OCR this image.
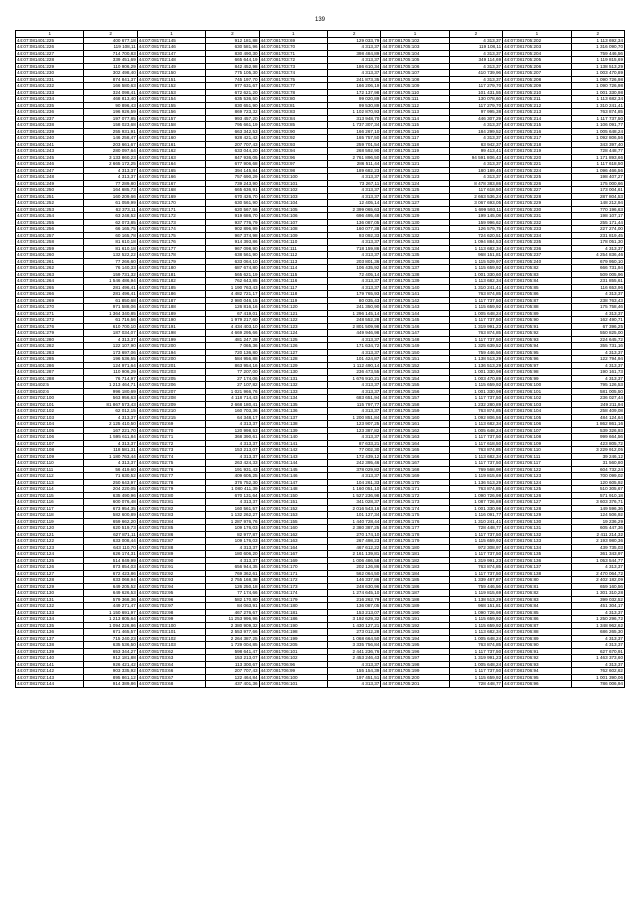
139
1	2	1	2	1	2	1	2	1	2
44:07:081401:225	400 677,18	44:07:081702:145	912 181,88	44:07:081703:69	129 033,79	44:07:081705:102	4 313,37	44:07:081705:202	1 113 692,34
44:07:081401:226	119 108,11	44:07:081702:146	630 581,96	44:07:081703:70	4 313,37	44:07:081705:103	119 108,11	44:07:081705:203	1 316 090,70
44:07:081401:227	714 700,83	44:07:081702:147	830 490,30	44:07:081703:71	398 484,89	44:07:081705:104	4 313,37	44:07:081705:204	759 446,56
44:07:081401:228	339 451,69	44:07:081702:148	665 644,19	44:07:081703:72	4 313,37	44:07:081705:105	349 114,69	44:07:081705:205	1 119 815,69
44:07:081401:229	110 906,29	44:07:081702:149	842 452,98	44:07:081703:73	186 610,34	44:07:081705:106	4 313,37	44:07:081705:206	1 138 513,29
44:07:081401:230	302 498,40	44:07:081702:150	775 105,30	44:07:081703:74	4 313,37	44:07:081705:107	410 739,96	44:07:081705:207	1 003 470,89
44:07:081401:231	874 841,37	44:07:081702:151	745 197,70	44:07:081703:75	241 873,35	44:07:081705:108	4 313,37	44:07:081705:208	1 090 726,98
44:07:081401:232	166 580,63	44:07:081702:152	977 631,67	44:07:081703:77	166 206,19	44:07:081705:109	117 279,70	44:07:081705:209	1 090 726,98
44:07:081401:233	324 098,41	44:07:081702:153	672 621,20	44:07:081703:78	172 137,98	44:07:081705:110	101 431,55	44:07:081705:210	1 001 330,98
44:07:081401:234	468 813,40	44:07:081702:154	635 536,50	44:07:081703:80	99 020,89	44:07:081705:111	130 078,60	44:07:081705:211	1 113 682,34
44:07:081401:235	90 896,43	44:07:081702:155	830 651,90	44:07:081703:81	99 530,89	44:07:081705:112	117 279,70	44:07:081705:212	1 310 241,41
44:07:081401:236	196 926,59	44:07:081702:156	869 723,32	44:07:081703:83	1 102 870,93	44:07:081705:113	97 995,38	44:07:081705:213	763 874,85
44:07:081401:237	197 077,85	44:07:081702:157	993 457,20	44:07:081703:84	313 948,70	44:07:081705:114	446 307,29	44:07:081705:214	1 117 737,50
44:07:081401:238	158 023,68	44:07:081702:158	795 661,19	44:07:081703:85	1 737 307,34	44:07:081705:115	4 313,37	44:07:081705:215	1 106 091,77
44:07:081401:239	255 931,91	44:07:081702:159	663 342,53	44:07:081703:90	166 267,10	44:07:081705:116	184 299,52	44:07:081705:216	1 005 648,24
44:07:081401:240	146 258,47	44:07:081702:160	928 421,42	44:07:081703:92	165 757,50	44:07:081705:117	4 313,37	44:07:081705:217	1 092 806,56
44:07:081401:241	203 661,67	44:07:081702:161	207 707,43	44:07:081703:93	259 701,54	44:07:081705:118	63 942,37	44:07:081705:218	343 397,40
44:07:081401:243	280 097,64	44:07:081702:162	633 044,20	44:07:081703:94	268 592,90	44:07:081705:119	99 413,41	44:07:081705:219	728 448,77
44:07:081401:245	3 133 860,23	44:07:081702:163	847 936,05	44:07:081703:96	2 761 896,50	44:07:081705:120	94 591 806,43	44:07:081705:220	1 171 893,66
44:07:081401:246	2 665 172,25	44:07:081702:164	677 906,68	44:07:081703:97	286 511,44	44:07:081705:121	4 313,37	44:07:081705:221	1 117 618,50
44:07:081401:247	4 313,37	44:07:081702:165	394 145,84	44:07:081703:98	189 682,23	44:07:081705:122	180 189,45	44:07:081705:224	1 096 466,56
44:07:081401:248	4 313,37	44:07:081702:166	757 690,29	44:07:081703:100	4 313,37	44:07:081705:123	4 313,37	44:07:081705:225	198 407,27
44:07:081401:249	77 289,80	44:07:081702:167	739 243,90	44:07:081703:101	73 267,11	44:07:081705:124	8 478 383,86	44:07:081705:226	175 000,66
44:07:081401:250	164 685,73	44:07:081702:168	665 636,91	44:07:081703:102	4 313,37	44:07:081705:125	117 618,50	44:07:081705:227	173 004,61
44:07:081401:251	160 209,66	44:07:081702:169	670 426,70	44:07:081703:103	4 313,37	44:07:081705:126	2 663 536,24	44:07:081705:228	287 804,53
44:07:081401:252	61 059,99	44:07:081702:170	630 561,90	44:07:081704:104	12 405,14	44:07:081705:127	3 067 693,05	44:07:081705:229	148 212,94
44:07:081401:253	62 373,11	44:07:081702:171	620 567,56	44:07:081704:105	2 399 065,63	44:07:081705:128	1 699 593,11	44:07:081705:230	770 196,63
44:07:081401:254	63 248,52	44:07:081702:172	919 686,70	44:07:081704:106	696 495,48	44:07:081705:129	199 145,08	44:07:081705:231	198 107,17
44:07:081401:255	62 073,85	44:07:081702:173	937 776,79	44:07:081704:107	136 087,05	44:07:081705:130	159 996,62	44:07:081705:232	255 171,44
44:07:081401:256	66 165,75	44:07:081702:174	902 896,99	44:07:081704:108	160 077,38	44:07:081705:131	126 579,75	44:07:081705:233	227 274,00
44:07:081401:257	60 165,78	44:07:081702:175	967 374,98	44:07:081704:109	93 092,33	44:07:081705:132	724 620,51	44:07:081705:234	231 819,45
44:07:081401:258	81 610,18	44:07:081702:176	914 393,86	44:07:081704:110	4 313,37	44:07:081705:133	1 094 884,53	44:07:081705:235	178 051,30
44:07:081401:259	81 610,18	44:07:081702:177	967 098,90	44:07:081704:111	718 159,86	44:07:081705:134	1 113 682,34	44:07:081705:236	4 313,37
44:07:081401:260	132 522,22	44:07:081702:178	638 561,90	44:07:081704:112	4 313,37	44:07:081705:135	968 151,81	44:07:081705:237	4 254 836,46
44:07:081401:261	77 266,60	44:07:081702:179	633 064,10	44:07:081704:113	203 801,36	44:07:081705:136	1 115 529,97	44:07:081705:240	679 950,10
44:07:081401:262	76 140,33	44:07:081702:180	687 674,80	44:07:081704:114	106 435,92	44:07:081705:137	1 115 659,92	44:07:081705:82	666 731,94
44:07:081401:263	159 731,32	44:07:081702:181	565 621,19	44:07:081704:115	72 405,14	44:07:081705:138	1 001 330,60	44:07:081705:83	509 005,96
44:07:081401:264	1 546 486,94	44:07:081702:182	762 643,85	44:07:081704:116	4 313,37	44:07:081705:139	1 113 682,34	44:07:081705:84	231 855,61
44:07:081401:265	281 496,41	44:07:081702:185	1 190 763,43	44:07:081704:117	4 313,37	44:07:081705:140	1 310 241,41	44:07:081705:85	116 653,96
44:07:081401:266	281 496,41	44:07:081702:186	4 482 721,17	44:07:081704:118	179 765,93	44:07:081705:141	763 874,85	44:07:081705:86	4 313,37
44:07:081401:269	61 850,68	44:07:081702:187	2 980 046,15	44:07:081704:119	80 035,43	44:07:081705:142	1 117 737,50	44:07:081705:87	238 763,43
44:07:081401:270	971 588,06	44:07:081702:188	126 816,16	44:07:081704:120	241 350,90	44:07:081705:143	1 115 659,92	44:07:081705:88	175 758,46
44:07:081401:271	1 364 340,85	44:07:081702:189	67 419,01	44:07:081704:121	1 296 145,14	44:07:081705:144	1 005 648,24	44:07:081705:89	4 313,37
44:07:081401:272	61 716,56	44:07:081702:190	1 979 217,60	44:07:081704:122	248 552,28	44:07:081705:145	1 117 737,50	44:07:081705:90	162 490,71
44:07:081401:276	610 700,10	44:07:081702:191	4 434 403,10	44:07:081704:123	2 801 509,98	44:07:081705:146	1 319 991,23	44:07:081705:91	67 396,25
44:07:081401:279	187 034,07	44:07:081702:198	4 669 295,66	44:07:081704:124	449 946,98	44:07:081705:147	763 874,85	44:07:081705:92	550 825,00
44:07:081401:280	4 313,37	44:07:081702:199	481 247,28	44:07:081704:125	4 313,37	44:07:081705:148	1 117 737,50	44:07:081705:93	224 645,72
44:07:081401:282	122 107,90	44:07:081702:200	7 065,36	44:07:081704:126	171 634,72	44:07:081705:149	1 325 639,52	44:07:081705:94	355 731,16
44:07:081401:283	173 697,06	44:07:081702:194	720 136,80	44:07:081704:127	4 313,37	44:07:081705:150	759 446,56	44:07:081705:95	4 313,37
44:07:081401:285	196 536,55	44:07:081702:200	584 956,88	44:07:081704:128	101 424,87	44:07:081705:151	1 138 513,29	44:07:081705:96	122 794,94
44:07:081401:286	124 971,64	44:07:081702:201	863 954,16	44:07:081704:129	1 112 490,14	44:07:081705:152	1 136 513,29	44:07:081705:97	4 313,37
44:07:081401:287	110 906,29	44:07:081702:203	77 207,00	44:07:081704:130	236 473,55	44:07:081705:153	1 001 330,98	44:07:081705:98	190 161,73
44:07:081401:288	76 714,97	44:07:081702:205	27 174,06	44:07:081704:131	1 676 910,21	44:07:081705:154	1 003 470,89	44:07:081705:99	4 313,37
44:07:081402:5	1 213 464,71	44:07:081702:206	27 107,82	44:07:081704:132	4 313,37	44:07:081705:155	1 115 659,92	44:07:081706:100	795 126,53
44:07:081402:6	996 180,69	44:07:081702:207	1 021 966,76	44:07:081704:133	4 313,37	44:07:081705:156	1 001 330,98	44:07:081706:101	581 005,50
44:07:081702:100	563 956,63	44:07:081702:208	4 118 714,43	44:07:081704:134	683 651,94	44:07:081705:157	1 117 737,50	44:07:081706:102	236 027,44
44:07:081702:101	81 867 573,43	44:07:081702:209	2 668 180,41	44:07:081704:135	115 797,77	44:07:081705:158	1 232 280,89	44:07:081706:103	249 211,94
44:07:081702:102	62 012,15	44:07:081702:210	160 703,36	44:07:081704:136	4 313,37	44:07:081705:159	763 874,85	44:07:081706:104	258 409,08
44:07:081702:103	4 313,37	44:07:081702:215	64 348,17	44:07:081704:137	1 200 851,84	44:07:081705:160	1 092 806,56	44:07:081706:105	484 124,64
44:07:081702:104	2 125 410,50	44:07:081702:69	4 313,37	44:07:081704:138	123 907,25	44:07:081705:161	1 113 682,34	44:07:081706:106	1 862 861,16
44:07:081702:105	167 221,70	44:07:081702:70	120 998,53	44:07:081704:139	123 387,82	44:07:081705:162	1 005 648,24	44:07:081706:107	539 326,93
44:07:081702:106	1 595 611,84	44:07:081702:71	368 390,61	44:07:081704:140	4 313,37	44:07:081705:163	1 117 737,50	44:07:081706:108	999 664,56
44:07:081702:107	4 313,37	44:07:081702:72	4 313,37	44:07:081704:141	87 633,21	44:07:081705:164	1 117 618,50	44:07:081706:109	423 805,72
44:07:081702:108	118 581,31	44:07:081702:73	153 213,07	44:07:081704:142	77 002,30	44:07:081705:165	763 874,85	44:07:081706:110	3 229 912,05
44:07:081702:109	1 180 763,44	44:07:081702:74	4 313,37	44:07:081704:143	172 439,12	44:07:081705:166	1 113 682,34	44:07:081706:111	39 246,12
44:07:081702:110	4 313,37	44:07:081702:75	263 424,33	44:07:081704:144	242 395,46	44:07:081705:167	1 117 737,50	44:07:081706:117	31 560,80
44:07:081702:111	56 419,60	44:07:081702:76	191 931,43	44:07:081704:145	378 029,82	44:07:081705:168	769 568,98	44:07:081706:122	604 732,24
44:07:081702:112	71 630,52	44:07:081702:77	409 605,25	44:07:081704:146	4 313,37	44:07:081705:169	1 119 815,69	44:07:081706:123	700 099,02
44:07:081702:113	250 643,97	44:07:081702:78	376 752,30	44:07:081704:147	104 261,33	44:07:081705:170	1 136 513,29	44:07:081706:124	120 605,92
44:07:081702:114	204 220,05	44:07:081702:79	1 080 411,39	44:07:081704:148	1 160 051,10	44:07:081705:171	763 874,85	44:07:081706:125	510 305,67
44:07:081702:115	635 490,96	44:07:081702:80	670 131,64	44:07:081704:150	1 527 236,98	44:07:081705:172	1 090 726,98	44:07:081706:126	571 910,18
44:07:081702:116	600 076,48	44:07:081702:81	4 313,37	44:07:081704:151	341 028,37	44:07:081705:173	1 087 726,88	44:07:081706:127	3 603 376,71
44:07:081702:117	673 954,35	44:07:081702:82	160 561,57	44:07:081704:152	2 016 543,16	44:07:081705:174	1 001 330,98	44:07:081706:128	149 596,36
44:07:081702:118	582 600,89	44:07:081702:83	1 132 262,27	44:07:081704:153	101 127,34	44:07:081705:175	1 116 091,77	44:07:081706:129	124 506,92
44:07:081702:119	659 662,20	44:07:081702:84	1 287 976,76	44:07:081704:155	1 440 728,44	44:07:081705:176	1 310 241,41	44:07:081706:130	19 236,29
44:07:081702:120	620 519,73	44:07:081702:85	109 176,03	44:07:081704:160	2 380 387,25	44:07:081705:177	728 448,77	44:07:081706:131	605 447,36
44:07:081702:121	627 871,11	44:07:081702:86	82 977,87	44:07:081704:162	270 174,10	44:07:081705:178	1 117 737,50	44:07:081706:132	2 411 214,32
44:07:081702:122	633 008,44	44:07:081702:87	109 176,03	44:07:081704:163	267 498,23	44:07:081705:179	1 115 659,92	44:07:081706:133	2 193 980,36
44:07:081702:123	643 110,70	44:07:081702:88	4 313,37	44:07:081704:164	467 612,22	44:07:081705:180	972 308,97	44:07:081706:134	439 735,03
44:07:081702:124	626 174,31	44:07:081702:89	180 606,20	44:07:081704:167	2 161 139,81	44:07:081705:181	1 117 737,50	44:07:081706:135	361 343,97
44:07:081702:125	514 849,99	44:07:081702:90	4 313,37	44:07:081704:169	1 006 486,58	44:07:081705:182	1 319 991,23	44:07:081706:136	1 053 544,77
44:07:081702:126	873 854,03	44:07:081702:91	656 944,35	44:07:081704:170	202 126,86	44:07:081705:183	763 874,85	44:07:081706:137	4 313,37
44:07:081702:127	672 423,86	44:07:081702:92	769 362,61	44:07:081704:171	562 064,50	44:07:081705:184	1 117 737,50	44:07:081706:138	2 470 064,72
44:07:081702:128	633 068,94	44:07:081702:93	2 755 168,38	44:07:081704:172	146 337,86	44:07:081705:185	1 339 487,87	44:07:081706:80	2 402 182,09
44:07:081702:129	649 205,52	44:07:081702:94	126 250,18	44:07:081704:173	248 630,96	44:07:081705:186	759 446,56	44:07:081706:81	659 160,56
44:07:081702:130	649 626,53	44:07:081702:95	77 174,66	44:07:081704:174	1 274 645,10	44:07:081705:187	1 119 815,69	44:07:081706:82	1 301 310,28
44:07:081702:131	579 368,36	44:07:081702:96	582 170,80	44:07:081704:179	216 262,79	44:07:081705:188	1 138 513,29	44:07:081706:83	399 032,52
44:07:081702:132	449 271,47	44:07:081702:97	84 063,91	44:07:081704:180	136 087,05	44:07:081705:189	968 151,81	44:07:081706:84	451 304,17
44:07:081702:133	1 150 691,97	44:07:081702:98	467 276,67	44:07:081704:181	153 213,07	44:07:081705:190	1 090 726,98	44:07:081706:85	4 313,37
44:07:081702:134	1 213 805,64	44:07:081702:99	11 253 996,96	44:07:081704:186	3 192 629,32	44:07:081705:191	1 115 659,92	44:07:081706:86	1 250 296,72
44:07:081702:135	1 094 226,86	44:07:081703:100	2 380 909,32	44:07:081704:190	1 430 127,21	44:07:081705:192	1 115 659,92	44:07:081706:87	1 348 962,62
44:07:081702:136	671 465,57	44:07:081703:101	2 553 977,66	44:07:081704:198	273 012,28	44:07:081705:193	1 113 682,34	44:07:081706:88	686 265,30
44:07:081702:137	715 240,23	44:07:081703:102	2 264 387,25	44:07:081704:199	1 068 664,50	44:07:081705:194	1 005 648,24	44:07:081706:89	4 313,37
44:07:081702:138	635 536,50	44:07:081703:103	1 729 004,85	44:07:081704:205	3 335 756,84	44:07:081705:195	763 874,85	44:07:081706:90	4 313,37
44:07:081702:139	653 344,27	44:07:081703:62	598 641,47	44:07:081706:101	2 441 236,76	44:07:081705:196	1 117 737,50	44:07:081706:91	627 670,91
44:07:081702:140	912 181,88	44:07:081703:63	153 213,07	44:07:081706:102	2 453 246,43	44:07:081705:197	1 319 991,23	44:07:081706:92	1 463 373,60
44:07:081702:141	926 421,42	44:07:081703:64	113 300,67	44:07:081706:96	4 313,37	44:07:081705:198	1 005 648,24	44:07:081706:93	4 313,37
44:07:081702:142	903 335,92	44:07:081703:66	207 707,43	44:07:081706:99	155 154,39	44:07:081705:199	1 117 737,50	44:07:081706:94	762 602,62
44:07:081702:143	895 861,12	44:07:081703:67	122 464,84	44:07:081706:100	197 451,51	44:07:081705:200	1 115 659,92	44:07:081706:95	1 001 390,06
44:07:081702:144	914 389,86	44:07:081703:68	437 401,36	44:07:081706:101	4 313,37	44:07:081705:201	728 448,77	44:07:081706:96	786 006,94
